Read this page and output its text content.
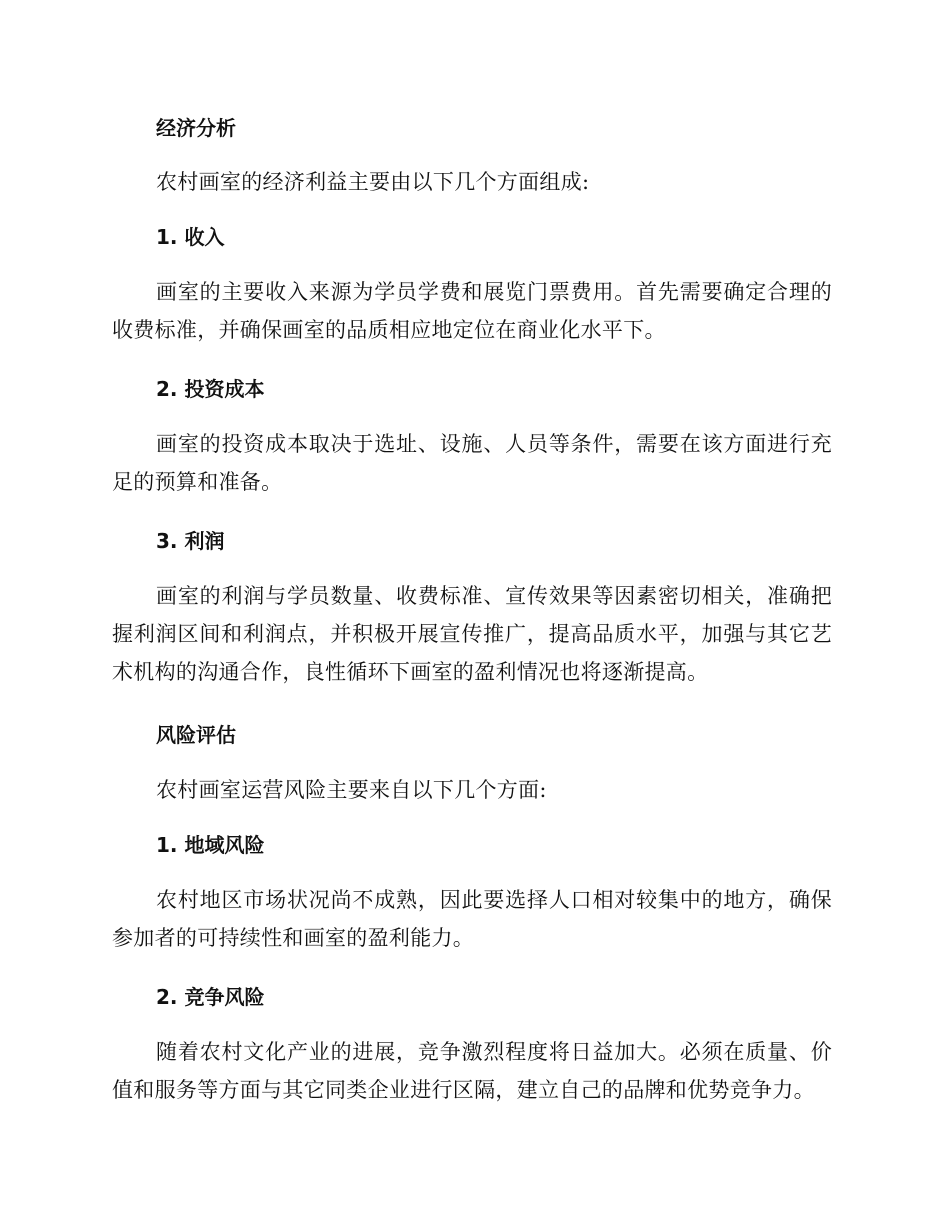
经济分析

农村画室的经济利益主要由以下几个方面组成:

1. 收入

画室的主要收入来源为学员学费和展览门票费用。首先需要确定合理的收费标准，并确保画室的品质相应地定位在商业化水平下。

2. 投资成本

画室的投资成本取决于选址、设施、人员等条件，需要在该方面进行充足的预算和准备。

3. 利润

画室的利润与学员数量、收费标准、宣传效果等因素密切相关，准确把握利润区间和利润点，并积极开展宣传推广，提高品质水平，加强与其它艺术机构的沟通合作，良性循环下画室的盈利情况也将逐渐提高。

风险评估

农村画室运营风险主要来自以下几个方面:

1. 地域风险

农村地区市场状况尚不成熟，因此要选择人口相对较集中的地方，确保参加者的可持续性和画室的盈利能力。

2. 竞争风险

随着农村文化产业的进展，竞争激烈程度将日益加大。必须在质量、价值和服务等方面与其它同类企业进行区隔，建立自己的品牌和优势竞争力。
